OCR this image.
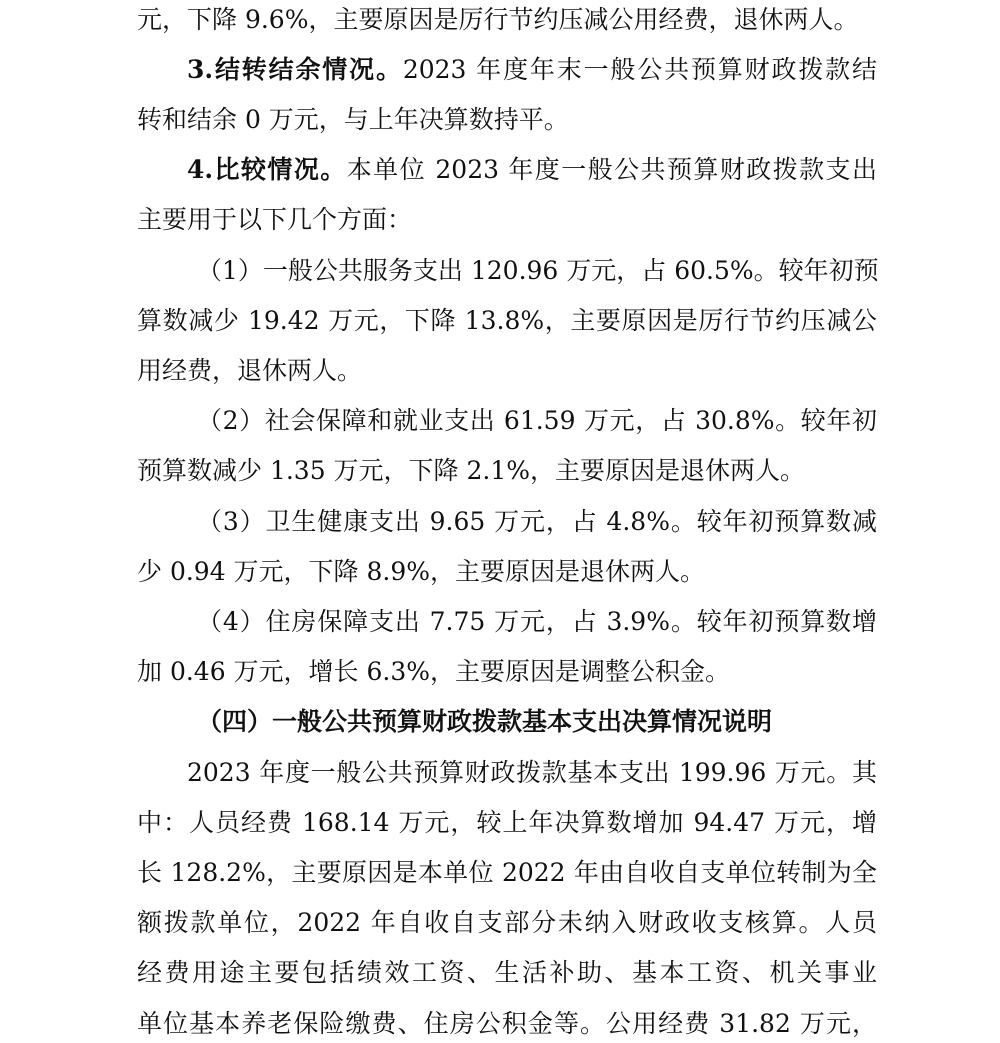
元，下降 9.6%，主要原因是厉行节约压减公用经费，退休两人。
3.结转结余情况。2023 年度年末一般公共预算财政拨款结
转和结余 0 万元，与上年决算数持平。
4.比较情况。本单位 2023 年度一般公共预算财政拨款支出
主要用于以下几个方面：
（1）一般公共服务支出 120.96 万元，占 60.5%。较年初预
算数减少 19.42 万元，下降 13.8%，主要原因是厉行节约压减公
用经费，退休两人。
（2）社会保障和就业支出 61.59 万元，占 30.8%。较年初
预算数减少 1.35 万元，下降 2.1%，主要原因是退休两人。
（3）卫生健康支出 9.65 万元，占 4.8%。较年初预算数减
少 0.94 万元，下降 8.9%，主要原因是退休两人。
（4）住房保障支出 7.75 万元，占 3.9%。较年初预算数增
加 0.46 万元，增长 6.3%，主要原因是调整公积金。
（四）一般公共预算财政拨款基本支出决算情况说明
2023 年度一般公共预算财政拨款基本支出 199.96 万元。其
中：人员经费 168.14 万元，较上年决算数增加 94.47 万元，增
长 128.2%，主要原因是本单位 2022 年由自收自支单位转制为全
额拨款单位，2022 年自收自支部分未纳入财政收支核算。人员
经费用途主要包括绩效工资、生活补助、基本工资、机关事业
单位基本养老保险缴费、住房公积金等。公用经费 31.82 万元，
